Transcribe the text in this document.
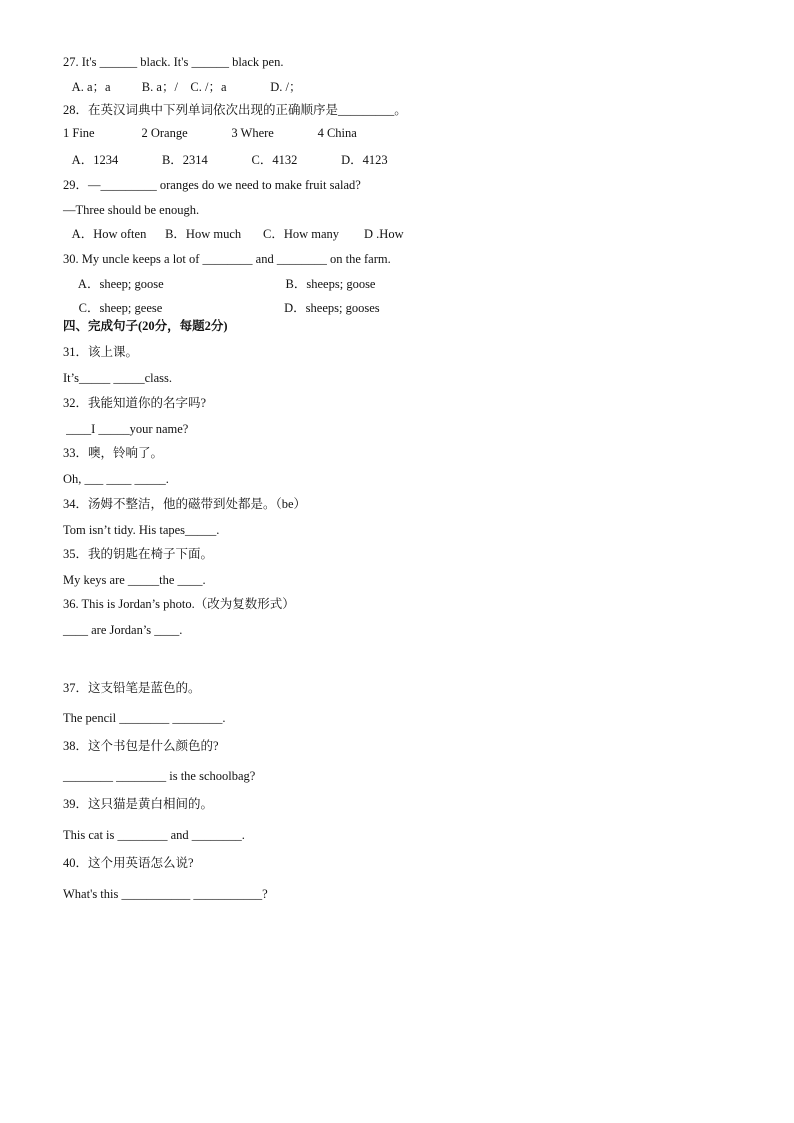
27. It's ______ black. It's ______ black pen.
A. a；a          B. a；/    C. /；a              D. /；
28．在英汉词典中下列单词依次出现的正确顺序是_________。
1 Fine               2 Orange              3 Where              4 China
A．1234              B．2314              C．4132              D．4123
29．—_________ oranges do we need to make fruit salad?
—Three should be enough.
A．How often      B．How much       C．How many        D .How
30. My uncle keeps a lot of ________ and ________ on the farm.
A．sheep; goose                                       B．sheeps; goose
C．sheep; geese                                       D．sheeps; gooses
四、完成句子(20分，每题2分)
31．该上课。
It’s_____ _____class.
32．我能知道你的名字吗?
____I _____your name?
33．噢，铃响了。
Oh, ___ ____ _____.
34．汤姆不整洁，他的磁带到处都是。（be）
Tom isn’t tidy. His tapes_____.
35．我的钥匙在椅子下面。
My keys are _____the ____.
36. This is Jordan’s photo.（改为复数形式）
____ are Jordan’s ____.
37．这支铅笔是蓝色的。
The pencil ________ ________.
38．这个书包是什么颜色的?
________ ________ is the schoolbag?
39．这只猫是黄白相间的。
This cat is ________ and ________.
40．这个用英语怎么说?
What's this ___________ ___________?
